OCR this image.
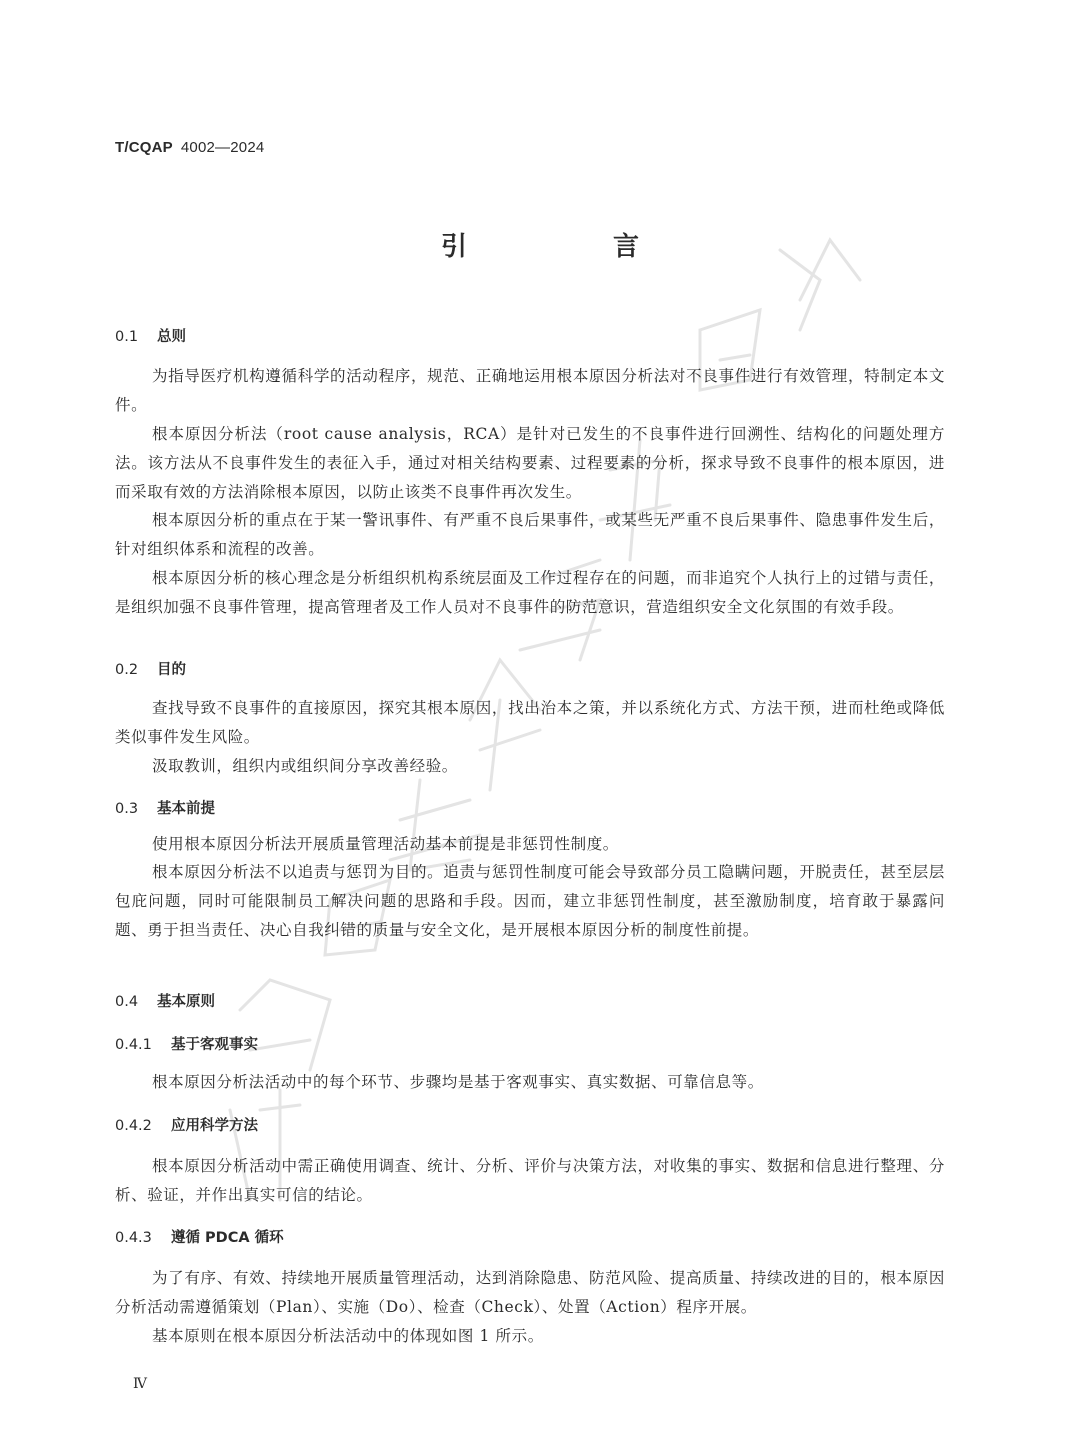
T/CQAP 4002—2024
引　言
0.1 总则
为指导医疗机构遵循科学的活动程序，规范、正确地运用根本原因分析法对不良事件进行有效管理，特制定本文件。
根本原因分析法（root cause analysis，RCA）是针对已发生的不良事件进行回溯性、结构化的问题处理方法。该方法从不良事件发生的表征入手，通过对相关结构要素、过程要素的分析，探求导致不良事件的根本原因，进而采取有效的方法消除根本原因，以防止该类不良事件再次发生。
根本原因分析的重点在于某一警讯事件、有严重不良后果事件，或某些无严重不良后果事件、隐患事件发生后，针对组织体系和流程的改善。
根本原因分析的核心理念是分析组织机构系统层面及工作过程存在的问题，而非追究个人执行上的过错与责任，是组织加强不良事件管理，提高管理者及工作人员对不良事件的防范意识，营造组织安全文化氛围的有效手段。
0.2 目的
查找导致不良事件的直接原因，探究其根本原因，找出治本之策，并以系统化方式、方法干预，进而杜绝或降低类似事件发生风险。
汲取教训，组织内或组织间分享改善经验。
0.3 基本前提
使用根本原因分析法开展质量管理活动基本前提是非惩罚性制度。
根本原因分析法不以追责与惩罚为目的。追责与惩罚性制度可能会导致部分员工隐瞒问题，开脱责任，甚至层层包庇问题，同时可能限制员工解决问题的思路和手段。因而，建立非惩罚性制度，甚至激励制度，培育敢于暴露问题、勇于担当责任、决心自我纠错的质量与安全文化，是开展根本原因分析的制度性前提。
0.4 基本原则
0.4.1 基于客观事实
根本原因分析法活动中的每个环节、步骤均是基于客观事实、真实数据、可靠信息等。
0.4.2 应用科学方法
根本原因分析活动中需正确使用调查、统计、分析、评价与决策方法，对收集的事实、数据和信息进行整理、分析、验证，并作出真实可信的结论。
0.4.3 遵循 PDCA 循环
为了有序、有效、持续地开展质量管理活动，达到消除隐患、防范风险、提高质量、持续改进的目的，根本原因分析活动需遵循策划（Plan）、实施（Do）、检查（Check）、处置（Action）程序开展。
基本原则在根本原因分析法活动中的体现如图 1 所示。
Ⅳ
